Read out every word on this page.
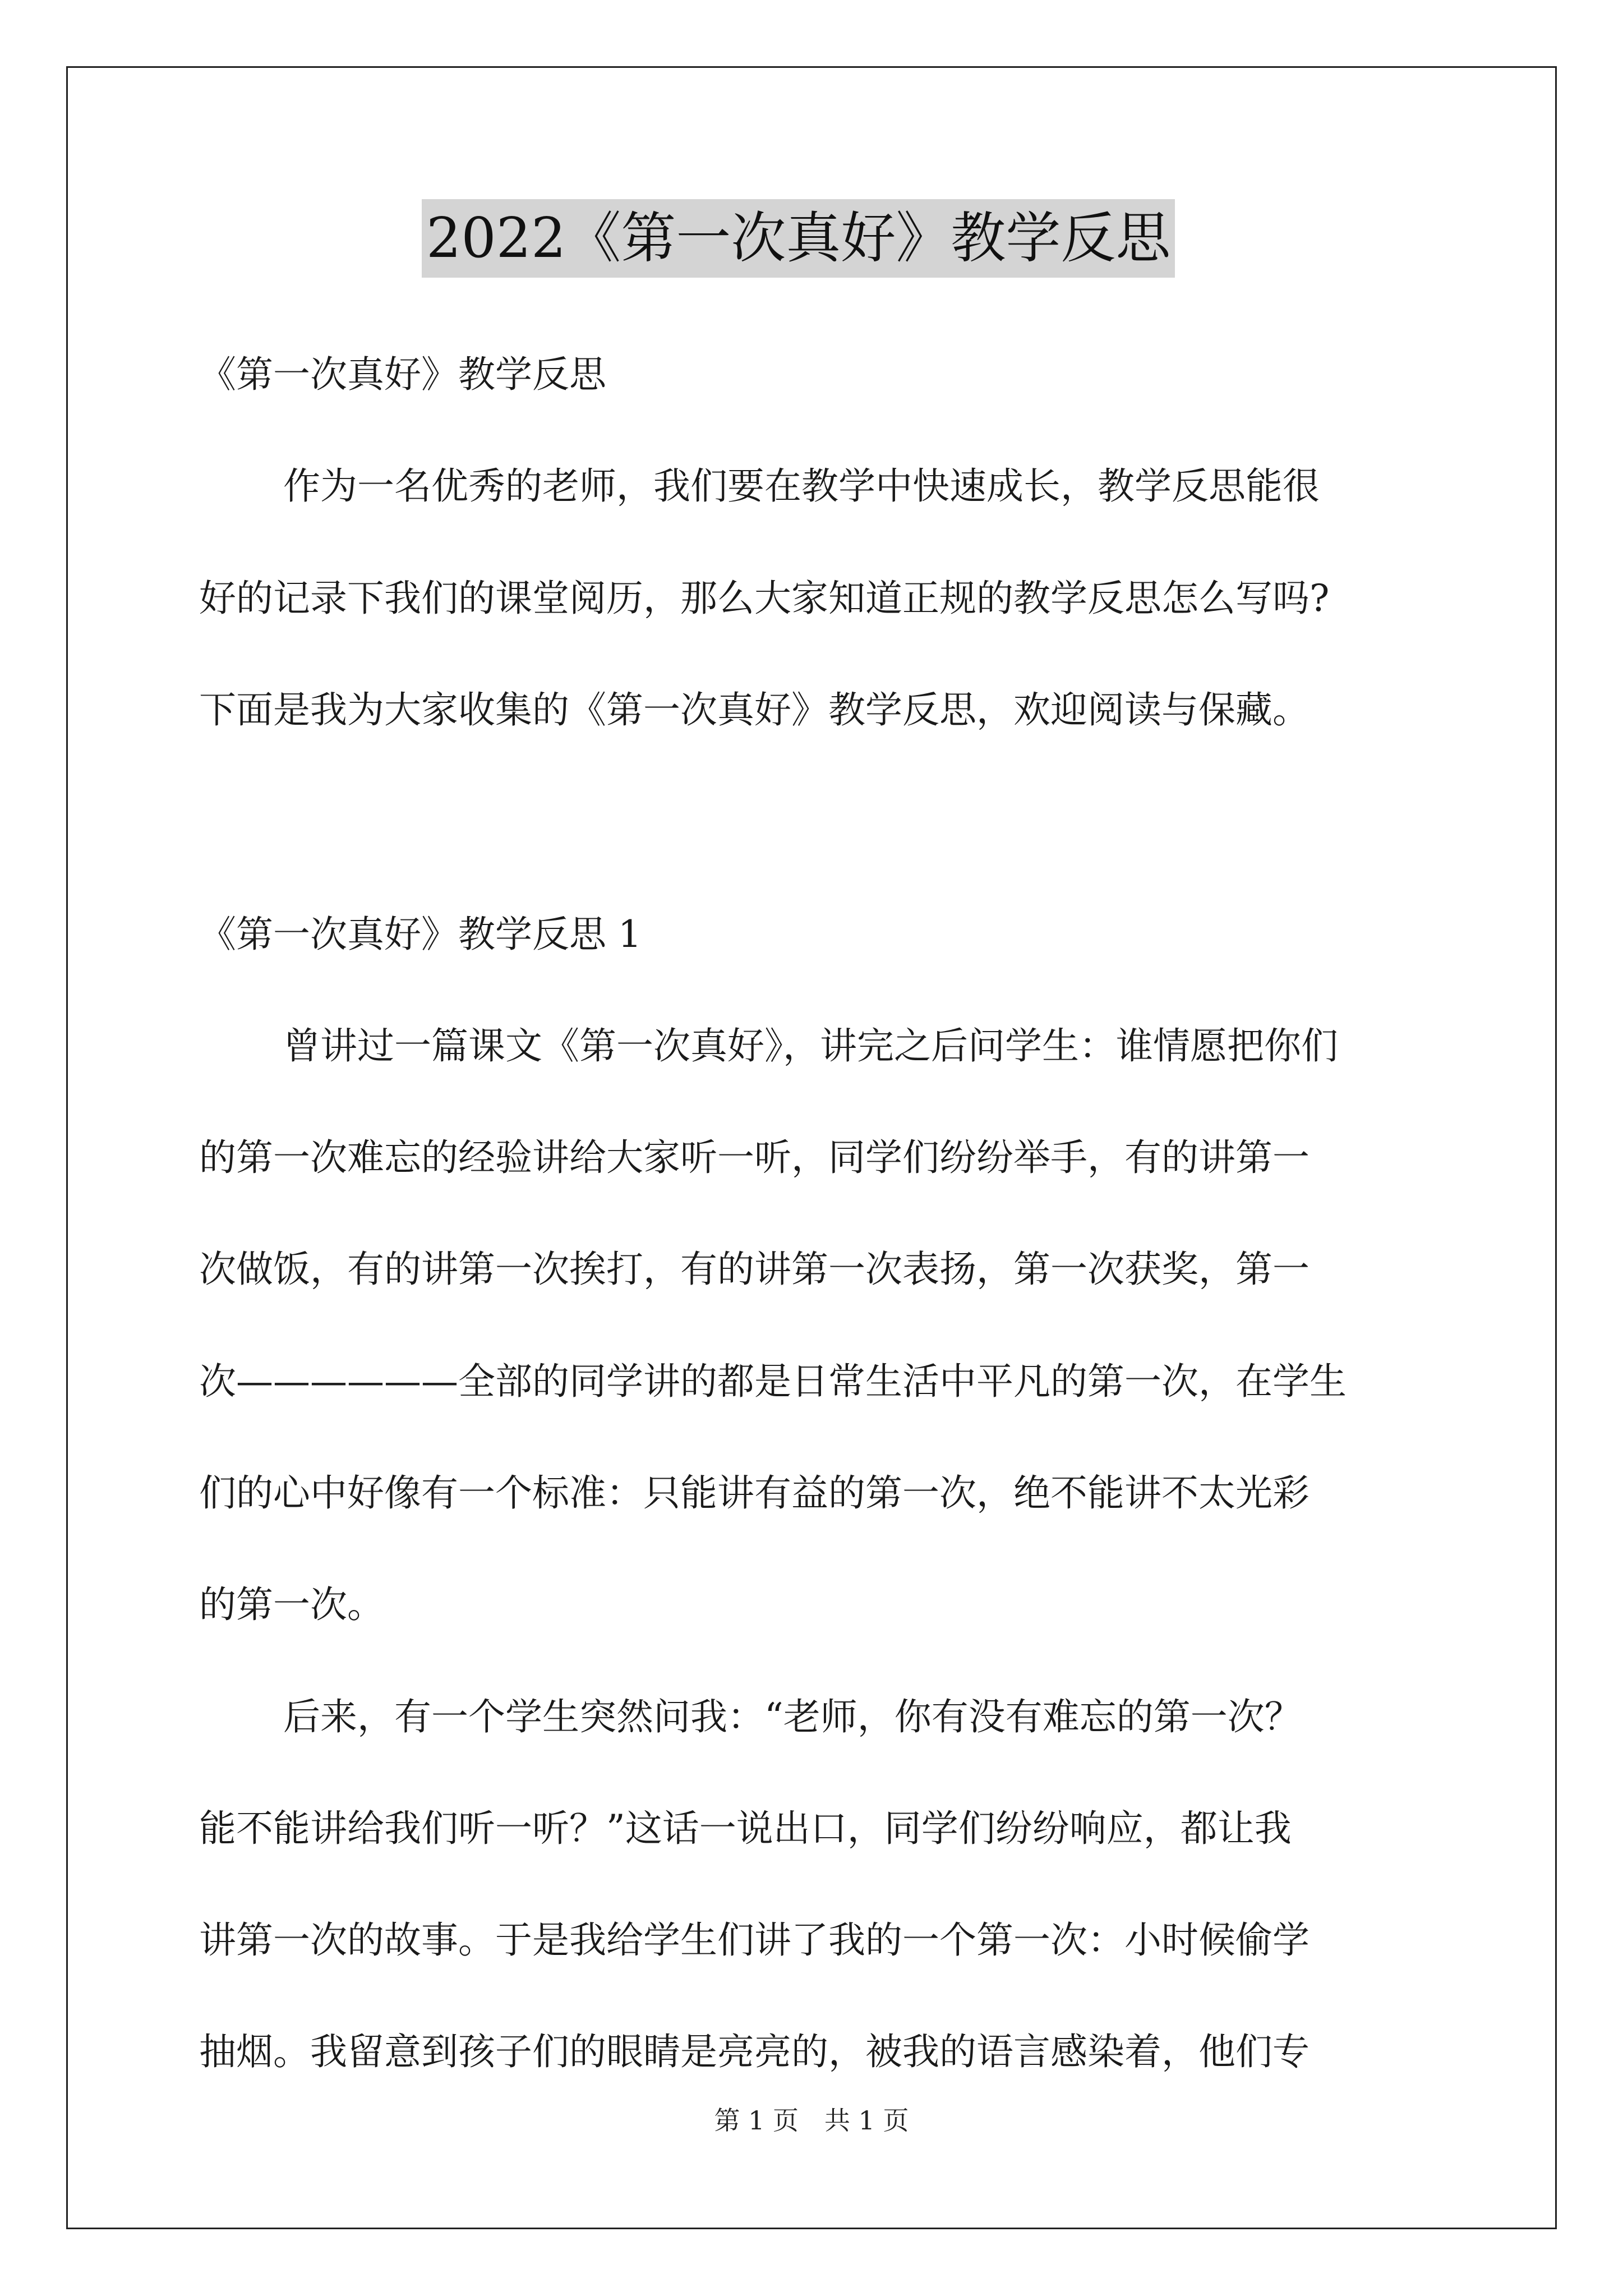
2022《第一次真好》教学反思
《第一次真好》教学反思
作为一名优秀的老师，我们要在教学中快速成长，教学反思能很
好的记录下我们的课堂阅历，那么大家知道正规的教学反思怎么写吗?
下面是我为大家收集的《第一次真好》教学反思，欢迎阅读与保藏。
《第一次真好》教学反思 1
曾讲过一篇课文《第一次真好》，讲完之后问学生：谁情愿把你们
的第一次难忘的经验讲给大家听一听，同学们纷纷举手，有的讲第一
次做饭，有的讲第一次挨打，有的讲第一次表扬，第一次获奖，第一
次——————全部的同学讲的都是日常生活中平凡的第一次，在学生
们的心中好像有一个标准：只能讲有益的第一次，绝不能讲不太光彩
的第一次。
后来，有一个学生突然问我：“老师，你有没有难忘的第一次？
能不能讲给我们听一听？”这话一说出口，同学们纷纷响应，都让我
讲第一次的故事。于是我给学生们讲了我的一个第一次：小时候偷学
抽烟。我留意到孩子们的眼睛是亮亮的，被我的语言感染着，他们专
第 1 页　共 1 页
